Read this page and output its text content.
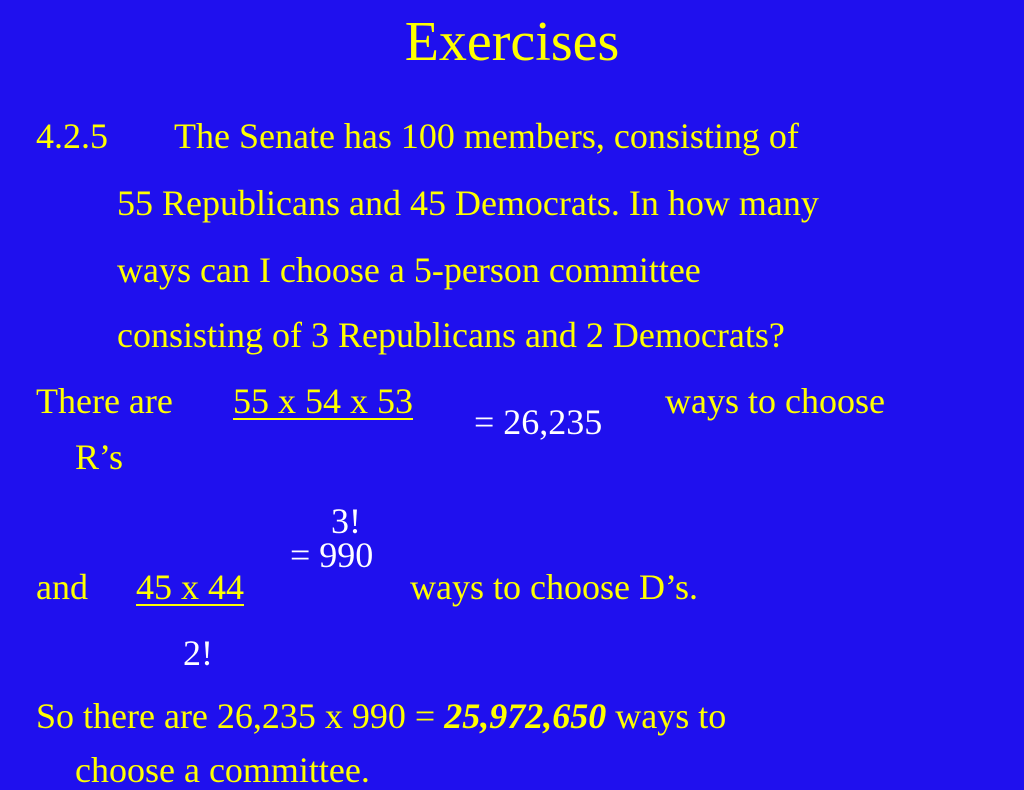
Exercises
4.2.5 The Senate has 100 members, consisting of
55 Republicans and 45 Democrats. In how many
ways can I choose a 5-person committee
consisting of 3 Republicans and 2 Democrats?
There are 55 x 54 x 53
= 26,235
ways to choose
R’s
3!
= 990
and 45 x 44	ways to choose D’s.
2!
So there are 26,235 x 990 = 25,972,650 ways to
choose a committee.
